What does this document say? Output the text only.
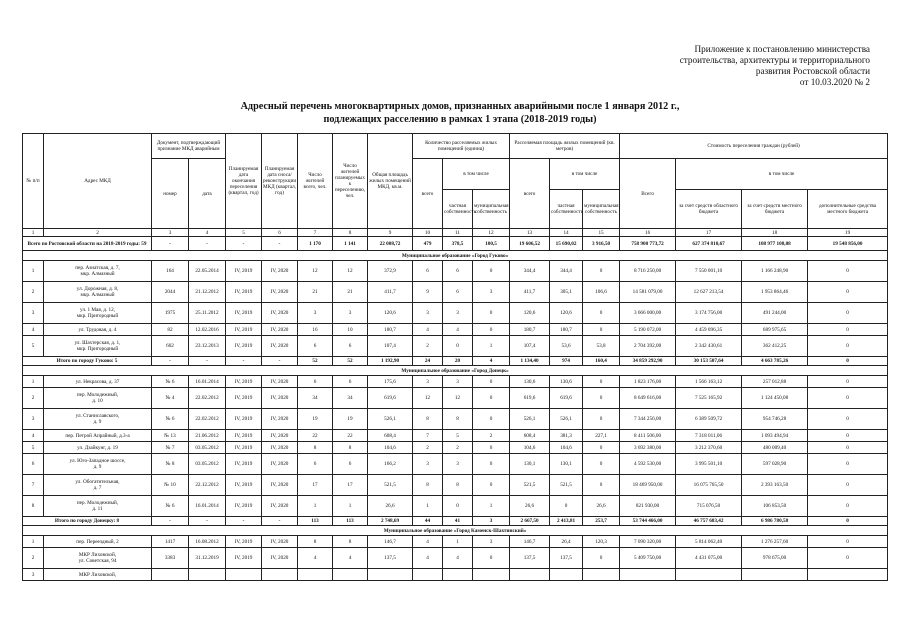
Приложение к постановлению министерства
строительства, архитектуры и территориального
развития Ростовской области
от 10.03.2020 № 2
Адресный перечень многоквартирных домов, признанных аварийными после 1 января 2012 г.,
подлежащих расселению в рамках 1 этапа (2018-2019 годы)
№ п/п	Адрес МКД	Документ, подтверждающий признание МКД аварийным		Планируемая дата окончания переселения (квартал, год)	Планируемая дата сноса/ реконструкции МКД (квартал, год)	Число жителей всего, чел.	Число жителей планируемых к переселению, чел.	Общая площадь жилых помещений МКД, кв.м.	Количество расселяемых жилых помещений (единиц)			Расселяемая площадь жилых помещений (кв. метров)			Стоимость переселения граждан (рублей)			
		номер	дата						всего	в том числе		всего	в том числе		Всего	в том числе		
										частная собственность	муниципальная собственность		частная собственность	муниципальная собственность		за счет средств областного бюджета	за счет средств местного бюджета	дополнительные средства местного бюджета
1	2	3	4	5	6	7	8	9	10	11	12	13	14	15	16	17	18	19
Всего по Ростовской области на 2018-2019 годы: 59		-	-	-	-	1 170	1 141	22 008,72	479	378,5	100,5	19 606,52	15 690,02	3 916,50	758 900 773,72	627 374 810,67	108 977 108,08	19 548 856,00
Муниципальное образование «Город Гуково»																		
1	пер. Азиатская, д. 7,
мкр. Алмазный	164	22.05.2014	IV, 2019	IV, 2020	12	12	372,9	6	6	0	344,4	344,4	0	8 716 250,00	7 550 001,10	1 166 248,90	0
2	ул. Дорожная, д. 8,
мкр. Алмазный	2044	21.12.2012	IV, 2019	IV, 2020	21	21	411,7	9	6	3	411,7	305,1	106,6	14 581 079,00	12 627 213,54	1 953 864,46	0
3	ул. 1 Мая, д. 12,
мкр. Пригородный	1975	25.11.2012	IV, 2019	IV, 2020	3	3	120,6	3	3	0	120,6	120,6	0	3 666 000,00	3 174 756,00	491 244,00	0
4	ул. Трудовая, д. 4	82	12.02.2016	IV, 2019	IV, 2020	16	10	180,7	4	4	0	180,7	180,7	0	5 190 072,00	4 459 096,35	689 975,65	0
5	ул. Шахтерская, д. 1,
мкр. Пригородный	602	23.12.2013	IV, 2019	IV, 2020	6	6	107,4	2	0	1	107,4	53,6	53,8	2 704 392,00	2 342 430,61	362 412,25	0
Итого по городу Гуково: 5		-	-	-	-	52	52	1 192,90	24	20	4	1 134,40	974	160,4	34 859 292,90	30 153 507,64	4 663 785,26	0
Муниципальное образование «Город Донецк»																		
1	ул. Некрасова, д. 37	№ 6	16.01.2014	IV, 2019	IV, 2020	6	6	175,6	3	3	0	130,6	130,6	0	1 823 176,00	1 566 163,12	257 012,88	0
2	пер. Молодежный,
д. 10	№ 4	22.02.2012	IV, 2019	IV, 2020	34	34	619,6	12	12	0	619,6	619,6	0	8 649 616,00	7 525 165,92	1 124 450,08	0
3	ул. Станиславского,
д. 9	№ 6	22.02.2012	IV, 2019	IV, 2020	19	19	526,1	8	8	0	526,1	526,1	0	7 344 256,00	6 389 509,72	954 746,28	0
4	пер. Петрой Апрайный, д.3-а	№ 13	21.06.2012	IV, 2019	IV, 2020	22	22	608,4	7	5	2	608,4	381,3	227,1	8 411 506,00	7 318 011,06	1 093 494,94	0
5	ул. Дзайкунг, д. 19	№ 7	03.05.2012	IV, 2019	IV, 2020	8	8	104,6	2	2	0	104,6	104,6	0	3 692 380,00	3 212 370,60	480 009,40	0
6	ул. Юго-Западное шоссе,
д. 9	№ 8	03.05.2012	IV, 2019	IV, 2020	6	6	166,2	3	3	0	130,1	130,1	0	4 592 530,00	3 995 501,10	597 028,90	0
7	ул. Обогатительная,
д. 7	№ 10	22.12.2012	IV, 2019	IV, 2020	17	17	521,5	8	8	0	521,5	521,5	0	18 469 950,00	16 075 765,50	2 393 163,50	0
8	пер. Молодежный,
д. 11	№ 6	16.01.2014	IV, 2019	IV, 2020	1	1	26,6	1	0	1	26,6	0	26,6	821 930,00	715 076,50	106 853,50	0
Итого по городу Донецку: 8		-	-	-	-	113	113	2 748,69	44	41	3	2 667,50	2 413,81	253,7	53 744 466,00	46 757 683,42	6 986 780,58	0
Муниципальное образование «Город Каменск-Шахтинский»																		
1	пер. Переездный, 2	1417	16.08.2012	IV, 2019	IV, 2020	8	8	146,7	4	1	3	146,7	26,4	120,3	7 090 320,00	5 814 062,40	1 276 257,60	0
2	МКР Лиховской,
ул. Советская, 94	3383	31.12.2019	IV, 2019	IV, 2020	4	4	137,5	4	4	0	137,5	137,5	0	5 409 750,00	4 431 075,00	978 675,00	0
3	МКР Лиховской,																	
